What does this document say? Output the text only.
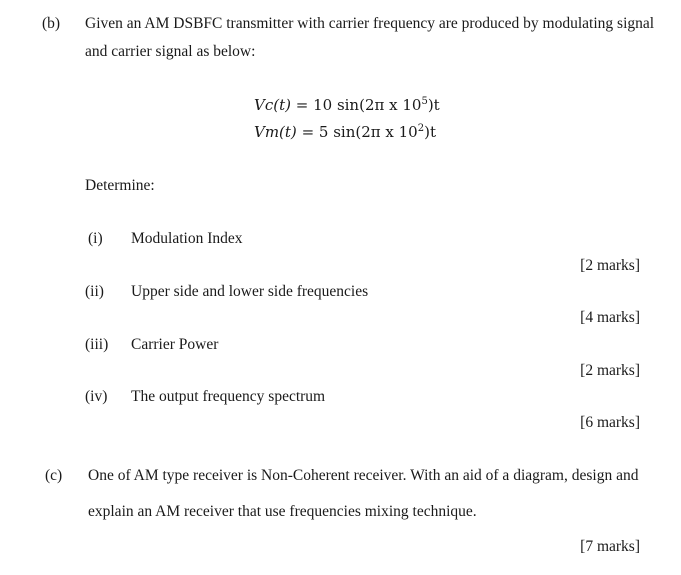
(b) Given an AM DSBFC transmitter with carrier frequency are produced by modulating signal
and carrier signal as below:
Vc(t) = 10 sin(2π x $10^5)t$
Vm(t) = 5 sin(2π x $10^2)t$
Determine:
(i) Modulation Index
[2 marks]
(ii) Upper side and lower side frequencies
[4 marks]
(iii) Carrier Power
[2 marks]
(iv) The output frequency spectrum
[6 marks]
(c) One of AM type receiver is Non-Coherent receiver. With an aid of a diagram, design and
explain an AM receiver that use frequencies mixing technique.
[7 marks]
